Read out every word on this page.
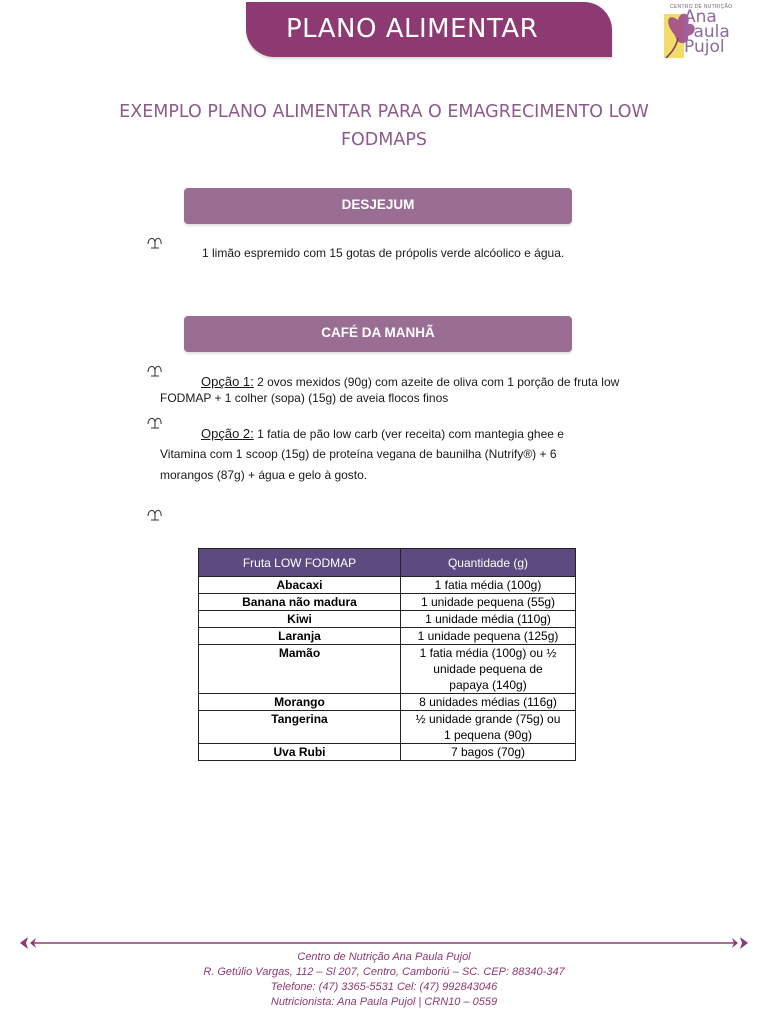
PLANO ALIMENTAR
CENTRO DE NUTRIÇÃO
Ana
Paula
Pujol
EXEMPLO PLANO ALIMENTAR PARA O EMAGRECIMENTO LOW
FODMAPS
DESJEJUM
1 limão espremido com 15 gotas de própolis verde alcóolico e água.
CAFÉ DA MANHÃ
Opção 1: 2 ovos mexidos (90g) com azeite de oliva com 1 porção de fruta low
FODMAP + 1 colher (sopa) (15g) de aveia flocos finos
Opção 2: 1 fatia de pão low carb (ver receita) com mantegia ghee e
Vitamina com 1 scoop (15g) de proteína vegana de baunilha (Nutrify®) + 6
morangos (87g) + água e gelo à gosto.
Fruta LOW FODMAP	Quantidade (g)
Abacaxi	1 fatia média (100g)

Banana não madura	1 unidade pequena (55g)

Kiwi	1 unidade média (110g)

Laranja	1 unidade pequena (125g)

Mamão	1 fatia média (100g) ou ½
unidade pequena de
papaya (140g)

Morango	8 unidades médias (116g)

Tangerina	½ unidade grande (75g) ou
1 pequena (90g)

Uva Rubi	7 bagos (70g)
Centro de Nutrição Ana Paula Pujol
R. Getúlio Vargas, 112 – Sl 207, Centro, Camboriú – SC. CEP: 88340-347
Telefone: (47) 3365-5531 Cel: (47) 992843046
Nutricionista: Ana Paula Pujol | CRN10 – 0559
